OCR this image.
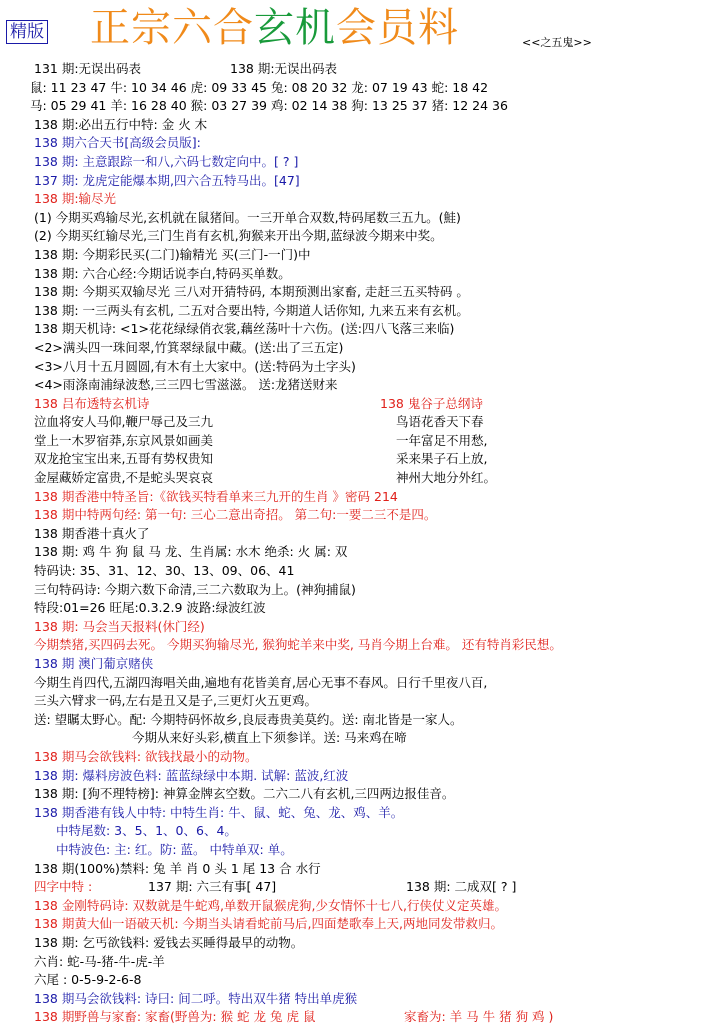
精版 正宗六合玄机会员料	<<之五鬼>>
131 期:无误出码表	138 期:无误出码表
鼠: 11 23 47 牛: 10 34 46 虎: 09 33 45 兔: 08 20 32 龙: 07 19 43 蛇: 18 42
马: 05 29 41 羊: 16 28 40 猴: 03 27 39 鸡: 02 14 38 狗: 13 25 37 猪: 12 24 36
138 期:必出五行中特: 金 火 木
138 期六合天书[高级会员版]:
138 期: 主意跟踪一和八,六码七数定向中。[ ? ]
137 期: 龙虎定能爆本期,四六合五特马出。[47]
138 期:输尽光
(1) 今期买鸡输尽光,玄机就在鼠猪间。一三开单合双数,特码尾数三五九。(鮭)
(2) 今期买红输尽光,三门生肖有玄机,狗猴来开出今期,蓝绿波今期来中奖。
138 期: 今期彩民买(二门)输精光 买(三门-一门)中
138 期: 六合心经:今期话说李白,特码买单数。
138 期: 今期买双输尽光 三八对开猜特码, 本期预测出家畜, 走赶三五买特码 。
138 期: 一三两头有玄机, 二五对合要出特, 今期道人话你知, 九来五来有玄机。
138 期天机诗: <1>花花绿绿俏衣裳,藕丝荡叶十六伤。(送:四八飞落三来临)
<2>满头四一珠间翠,竹箕翠绿鼠中藏。(送:出了三五定)
<3>八月十五月圆圆,有木有土大家中。(送:特码为土字头)
<4>雨涤南浦绿波愁,三三四七雪滋滋。 送:龙猪送财来
138 吕布透特玄机诗	138 鬼谷子总纲诗
泣血将安人马仰,鞭尸辱己及三九	鸟语花香天下春
堂上一木罗宿莽,东京风景如画美	一年富足不用愁,
双龙抢宝宝出来,五哥有势权贵知	采来果子石上放,
金屋藏娇定富贵,不是蛇头哭哀哀	神州大地分外红。
138 期香港中特圣旨:《欲钱买特看单来三九开的生肖 》密码 214
138 期中特两句经: 第一句: 三心二意出奇招。 第二句:一要二三不是四。
138 期香港十真火了
138 期: 鸡 牛 狗 鼠 马 龙、生肖属: 水木 绝杀: 火 属: 双
特码诀: 35、31、12、30、13、09、06、41
三句特码诗: 今期六数下命清,三二六数取为上。(神狗捕鼠)
特段:01=26 旺尾:0.3.2.9 波路:绿波红波
138 期: 马会当天报料(休门经)
今期禁猪,买四码去死。 今期买狗输尽光, 猴狗蛇羊来中奖, 马肖今期上台难。 还有特肖彩民想。
138 期 澳门葡京赌侠
今期生肖四代,五湖四海唱关曲,遍地有花皆美育,居心无事不春风。日行千里夜八百,
三头六臂求一码,左右是丑又是子,三更灯火五更鸡。
送: 望瞩太野心。配: 今期特码怀故乡,良辰毒贵美莫约。送: 南北皆是一家人。
今期从来好头彩,横直上下须参详。送: 马来鸡在啼
138 期马会欲钱料: 欲钱找最小的动物。
138 期: 爆料房波色料: 蓝蓝绿绿中本期. 试解: 蓝波,红波
138 期: [狗不理特榜]: 神算金牌玄空数。二六二八有玄机,三四两边报佳音。
138 期香港有钱人中特: 中特生肖: 牛、鼠、蛇、兔、龙、鸡、羊。
中特尾数: 3、5、1、0、6、4。
中特波色: 主: 红。防: 蓝。 中特单双: 单。
138 期(100%)禁料: 兔 羊 肖 0 头 1 尾 13 合 水行
四字中特 :	137 期: 六三有事[ 47]	138 期: 二成双[ ? ]
138 金刚特码诗: 双数就是牛蛇鸡,单数开鼠猴虎狗,少女情怀十七八,行侠仗义定英雄。
138 期黄大仙一语破天机: 今期当头请看蛇前马后,四面楚歌奉上天,两地同发带救归。
138 期: 乞丐欲钱料: 爱钱去买睡得最早的动物。
六肖: 蛇-马-猪-牛-虎-羊
六尾 : 0-5-9-2-6-8
138 期马会欲钱料: 诗曰: 间二呼。特出双牛猪 特出单虎猴
138 期野兽与家畜: 家畜(野兽为: 猴 蛇 龙 兔 虎 鼠	家畜为: 羊 马 牛 猪 狗 鸡 )
